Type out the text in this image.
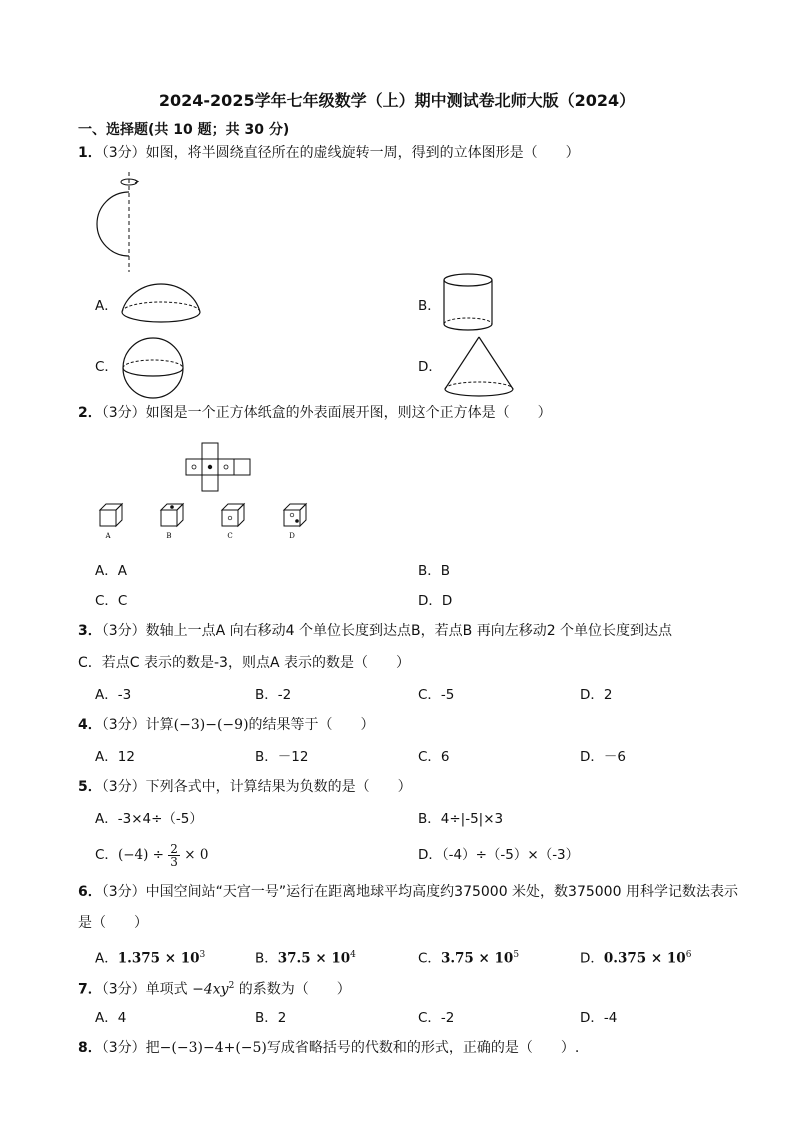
2024-2025学年七年级数学（上）期中测试卷北师大版（2024）
一、选择题(共 10 题；共 30 分)
1．（3分）如图，将半圆绕直径所在的虚线旋转一周，得到的立体图形是（　　）
A．	B．
C．	D．
2．（3分）如图是一个正方体纸盒的外表面展开图，则这个正方体是（　　）
A	B	C	D
A．A	B．B
C．C	D．D
3．（3分）数轴上一点A 向右移动4 个单位长度到达点B，若点B 再向左移动2 个单位长度到达点
C．若点C 表示的数是-3，则点A 表示的数是（　　）
A．-3	B．-2	C．-5	D．2
4．（3分）计算(−3)−(−9)的结果等于（　　）
A．12	B．－12	C．6	D．－6
5．（3分）下列各式中，计算结果为负数的是（　　）
A．-3×4÷（-5）	B．4÷|-5|×3
C．$(-4) \div \frac{2}{3} \times 0$	D．（-4）÷（-5）×（-3）
6．（3分）中国空间站“天宫一号”运行在距离地球平均高度约375000 米处，数375000 用科学记数法表示
是（　　）
A．$1.375 \times 10^3$	B．$37.5 \times 10^4$	C．$3.75 \times 10^5$	D．$0.375 \times 10^6$
7．（3分）单项式 $-4xy^2$ 的系数为（　　）
A．4	B．2	C．-2	D．-4
8．（3分）把−(−3)−4+(−5)写成省略括号的代数和的形式，正确的是（　　）.
